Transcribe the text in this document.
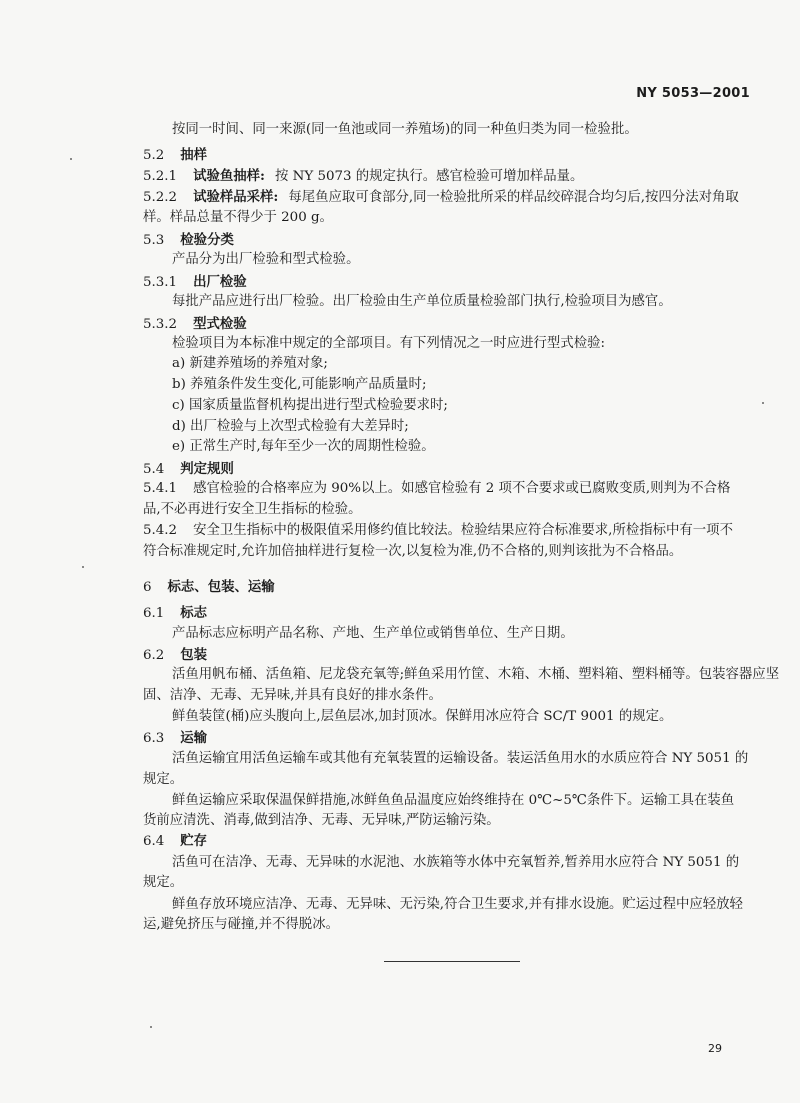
NY 5053—2001
按同一时间、同一来源(同一鱼池或同一养殖场)的同一种鱼归类为同一检验批。
5.2 抽样
5.2.1 试验鱼抽样: 按 NY 5073 的规定执行。感官检验可增加样品量。
5.2.2 试验样品采样: 每尾鱼应取可食部分,同一检验批所采的样品绞碎混合均匀后,按四分法对角取
样。样品总量不得少于 200 g。
5.3 检验分类
产品分为出厂检验和型式检验。
5.3.1 出厂检验
每批产品应进行出厂检验。出厂检验由生产单位质量检验部门执行,检验项目为感官。
5.3.2 型式检验
检验项目为本标准中规定的全部项目。有下列情况之一时应进行型式检验:
a) 新建养殖场的养殖对象;
b) 养殖条件发生变化,可能影响产品质量时;
c) 国家质量监督机构提出进行型式检验要求时;
d) 出厂检验与上次型式检验有大差异时;
e) 正常生产时,每年至少一次的周期性检验。
5.4 判定规则
5.4.1 感官检验的合格率应为 90%以上。如感官检验有 2 项不合要求或已腐败变质,则判为不合格
品,不必再进行安全卫生指标的检验。
5.4.2 安全卫生指标中的极限值采用修约值比较法。检验结果应符合标准要求,所检指标中有一项不
符合标准规定时,允许加倍抽样进行复检一次,以复检为准,仍不合格的,则判该批为不合格品。
6 标志、包装、运输
6.1 标志
产品标志应标明产品名称、产地、生产单位或销售单位、生产日期。
6.2 包装
活鱼用帆布桶、活鱼箱、尼龙袋充氧等;鲜鱼采用竹筐、木箱、木桶、塑料箱、塑料桶等。包装容器应坚
固、洁净、无毒、无异味,并具有良好的排水条件。
鲜鱼装筐(桶)应头腹向上,层鱼层冰,加封顶冰。保鲜用冰应符合 SC/T 9001 的规定。
6.3 运输
活鱼运输宜用活鱼运输车或其他有充氧装置的运输设备。装运活鱼用水的水质应符合 NY 5051 的
规定。
鲜鱼运输应采取保温保鲜措施,冰鲜鱼鱼品温度应始终维持在 0℃~5℃条件下。运输工具在装鱼
货前应清洗、消毒,做到洁净、无毒、无异味,严防运输污染。
6.4 贮存
活鱼可在洁净、无毒、无异味的水泥池、水族箱等水体中充氧暂养,暂养用水应符合 NY 5051 的
规定。
鲜鱼存放环境应洁净、无毒、无异味、无污染,符合卫生要求,并有排水设施。贮运过程中应轻放轻
运,避免挤压与碰撞,并不得脱冰。
29
